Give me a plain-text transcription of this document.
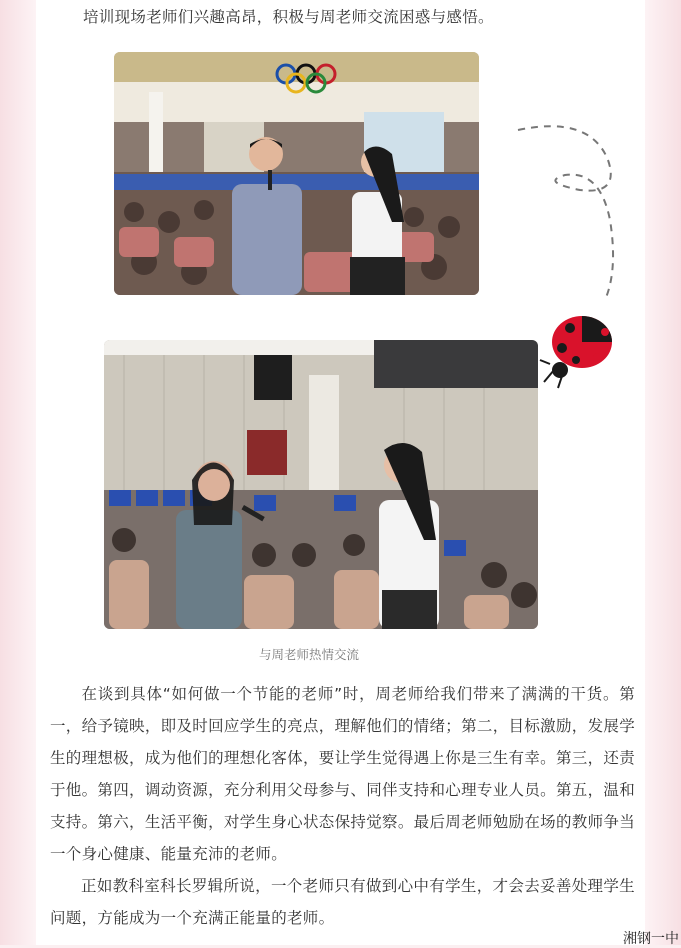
培训现场老师们兴趣高昂，积极与周老师交流困惑与感悟。

与周老师热情交流

在谈到具体“如何做一个节能的老师”时，周老师给我们带来了满满的干货。第一，给予镜映，即及时回应学生的亮点，理解他们的情绪；第二，目标激励，发展学生的理想极，成为他们的理想化客体，要让学生觉得遇上你是三生有幸。第三，还责于他。第四，调动资源，充分利用父母参与、同伴支持和心理专业人员。第五，温和支持。第六，生活平衡，对学生身心状态保持觉察。最后周老师勉励在场的教师争当一个身心健康、能量充沛的老师。

正如教科室科长罗辑所说，一个老师只有做到心中有学生，才会去妥善处理学生问题，方能成为一个充满正能量的老师。

湘钢一中
